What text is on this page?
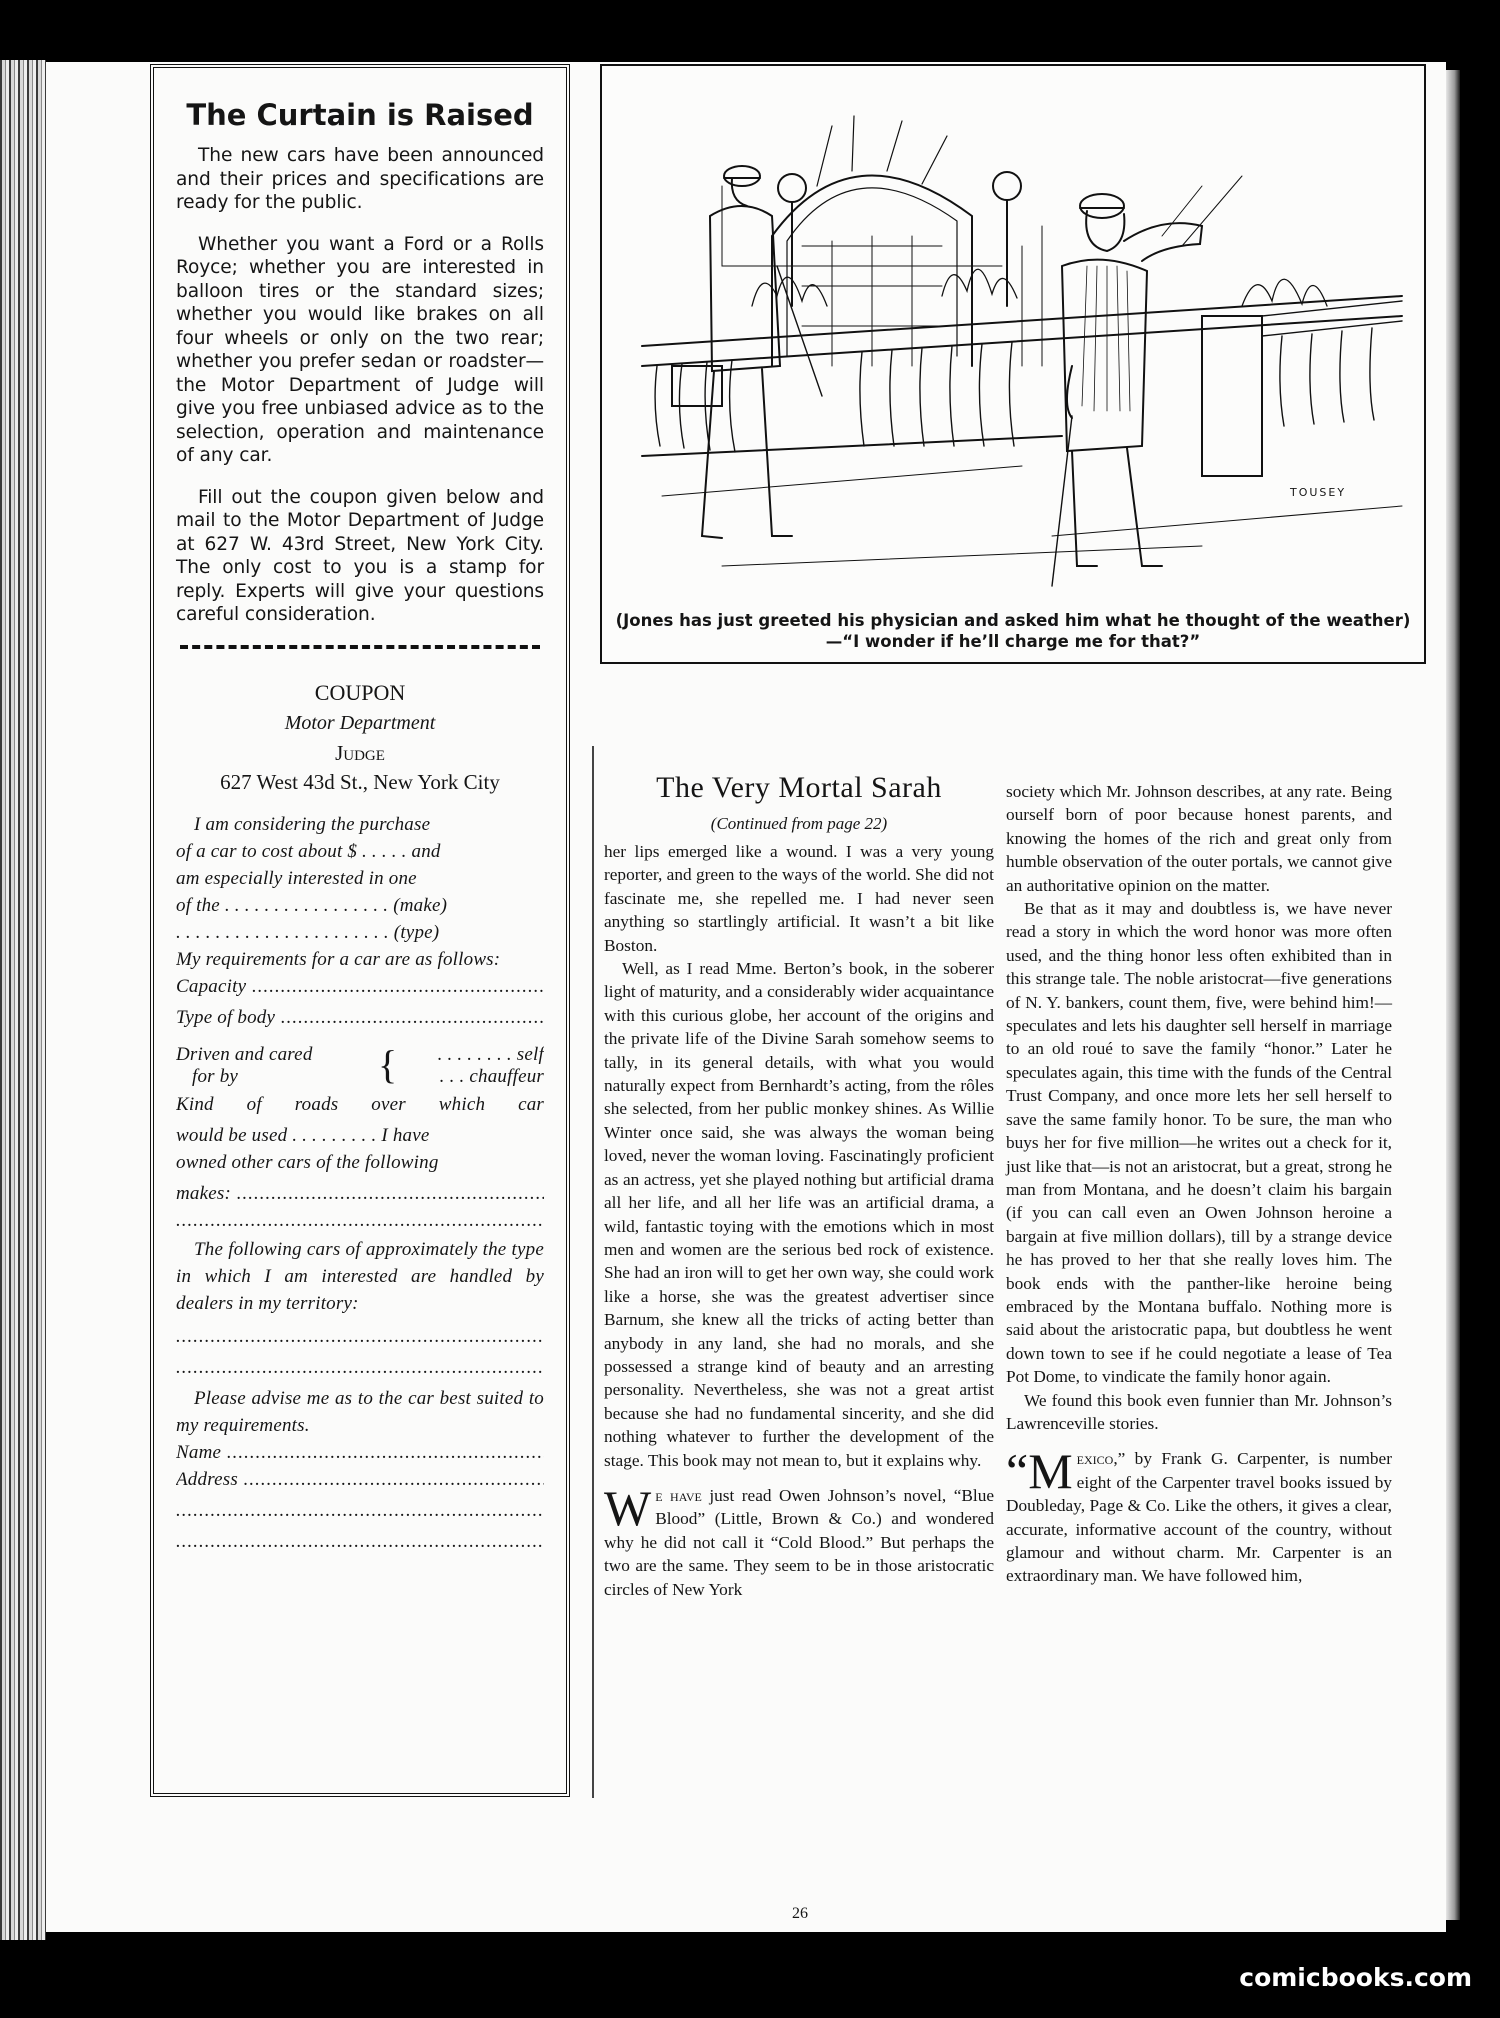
The Curtain is Raised

The new cars have been announced and their prices and specifications are ready for the public.

Whether you want a Ford or a Rolls Royce; whether you are interested in balloon tires or the standard sizes; whether you would like brakes on all four wheels or only on the two rear; whether you prefer sedan or roadster—the Motor Department of Judge will give you free unbiased advice as to the selection, operation and maintenance of any car.

Fill out the coupon given below and mail to the Motor Department of Judge at 627 W. 43rd Street, New York City. The only cost to you is a stamp for reply. Experts will give your questions careful consideration.

COUPON

Motor Department

Judge

627 West 43d St., New York City

I am considering the purchase
of a car to cost about $ . . . . . and
am especially interested in one
of the . . . . . . . . . . . . . . . . . (make)
. . . . . . . . . . . . . . . . . . . . . . (type)
My requirements for a car are as follows:
Capacity .....
Type of body .....
Driven and cared
for by	{ . . . . . . . . self
. . . chauffeur
Kind of roads over which car
would be used . . . . . . . . . I have
owned other cars of the following
makes: .....
.....
The following cars of approximately the type in which I am interested are handled by dealers in my territory:
.....
.....
Please advise me as to the car best suited to my requirements.
Name .....
Address .....
.....
.....
TOUSEY
(Jones has just greeted his physician and asked him what he thought of the weather)—“I wonder if he’ll charge me for that?”
The Very Mortal Sarah
(Continued from page 22)

her lips emerged like a wound. I was a very young reporter, and green to the ways of the world. She did not fascinate me, she repelled me. I had never seen anything so startlingly artificial. It wasn’t a bit like Boston.

Well, as I read Mme. Berton’s book, in the soberer light of maturity, and a considerably wider acquaintance with this curious globe, her account of the origins and the private life of the Divine Sarah somehow seems to tally, in its general details, with what you would naturally expect from Bernhardt’s acting, from the rôles she selected, from her public monkey shines. As Willie Winter once said, she was always the woman being loved, never the woman loving. Fascinatingly proficient as an actress, yet she played nothing but artificial drama all her life, and all her life was an artificial drama, a wild, fantastic toying with the emotions which in most men and women are the serious bed rock of existence. She had an iron will to get her own way, she could work like a horse, she was the greatest advertiser since Barnum, she knew all the tricks of acting better than anybody in any land, she had no morals, and she possessed a strange kind of beauty and an arresting personality. Nevertheless, she was not a great artist because she had no fundamental sincerity, and she did nothing whatever to further the development of the stage. This book may not mean to, but it explains why.

We have just read Owen Johnson’s novel, “Blue Blood” (Little, Brown & Co.) and wondered why he did not call it “Cold Blood.” But perhaps the two are the same. They seem to be in those aristocratic circles of New York

society which Mr. Johnson describes, at any rate. Being ourself born of poor because honest parents, and knowing the homes of the rich and great only from humble observation of the outer portals, we cannot give an authoritative opinion on the matter.

Be that as it may and doubtless is, we have never read a story in which the word honor was more often used, and the thing honor less often exhibited than in this strange tale. The noble aristocrat—five generations of N. Y. bankers, count them, five, were behind him!—speculates and lets his daughter sell herself in marriage to an old roué to save the family “honor.” Later he speculates again, this time with the funds of the Central Trust Company, and once more lets her sell herself to save the same family honor. To be sure, the man who buys her for five million—he writes out a check for it, just like that—is not an aristocrat, but a great, strong he man from Montana, and he doesn’t claim his bargain (if you can call even an Owen Johnson heroine a bargain at five million dollars), till by a strange device he has proved to her that she really loves him. The book ends with the panther-like heroine being embraced by the Montana buffalo. Nothing more is said about the aristocratic papa, but doubtless he went down town to see if he could negotiate a lease of Tea Pot Dome, to vindicate the family honor again.

We found this book even funnier than Mr. Johnson’s Lawrenceville stories.

“Mexico,” by Frank G. Carpenter, is number eight of the Carpenter travel books issued by Doubleday, Page & Co. Like the others, it gives a clear, accurate, informative account of the country, without glamour and without charm. Mr. Carpenter is an extraordinary man. We have followed him,

26
comicbooks.com
